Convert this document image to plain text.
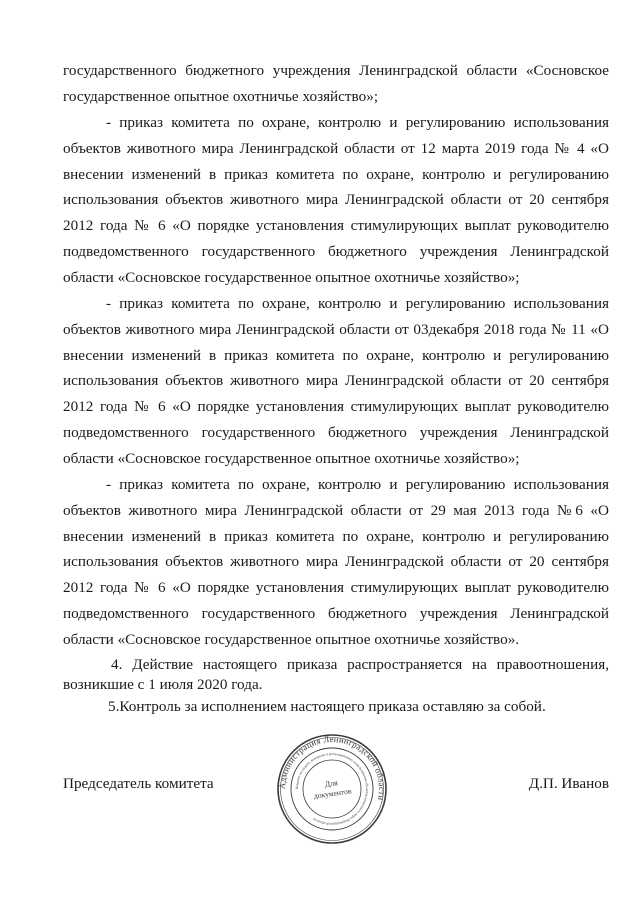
государственного бюджетного учреждения Ленинградской области «Сосновское
государственное опытное охотничье хозяйство»;
- приказ комитета по охране, контролю и регулированию использования
объектов животного мира Ленинградской области от 12 марта 2019 года № 4 «О
внесении изменений в приказ комитета по охране, контролю и регулированию
использования объектов животного мира Ленинградской области от 20 сентября
2012 года № 6 «О порядке установления стимулирующих выплат руководителю
подведомственного государственного бюджетного учреждения Ленинградской
области «Сосновское государственное опытное охотничье хозяйство»;
- приказ комитета по охране, контролю и регулированию использования
объектов животного мира Ленинградской области от 03декабря 2018 года № 11 «О
внесении изменений в приказ комитета по охране, контролю и регулированию
использования объектов животного мира Ленинградской области от 20 сентября
2012 года № 6 «О порядке установления стимулирующих выплат руководителю
подведомственного государственного бюджетного учреждения Ленинградской
области «Сосновское государственное опытное охотничье хозяйство»;
- приказ комитета по охране, контролю и регулированию использования
объектов животного мира Ленинградской области от 29 мая 2013 года №6 «О
внесении изменений в приказ комитета по охране, контролю и регулированию
использования объектов животного мира Ленинградской области от 20 сентября
2012 года № 6 «О порядке установления стимулирующих выплат руководителю
подведомственного государственного бюджетного учреждения Ленинградской
области «Сосновское государственное опытное охотничье хозяйство».
4. Действие настоящего приказа распространяется на правоотношения,
возникшие с 1 июля 2020 года.
5.Контроль за исполнением настоящего приказа оставляю за собой.
Председатель комитета	Д.П. Иванов
Администрация Ленинградской области
Комитет по охране, контролю и регулированию использования объектов животного мира Ленинградской области
Для
документов
